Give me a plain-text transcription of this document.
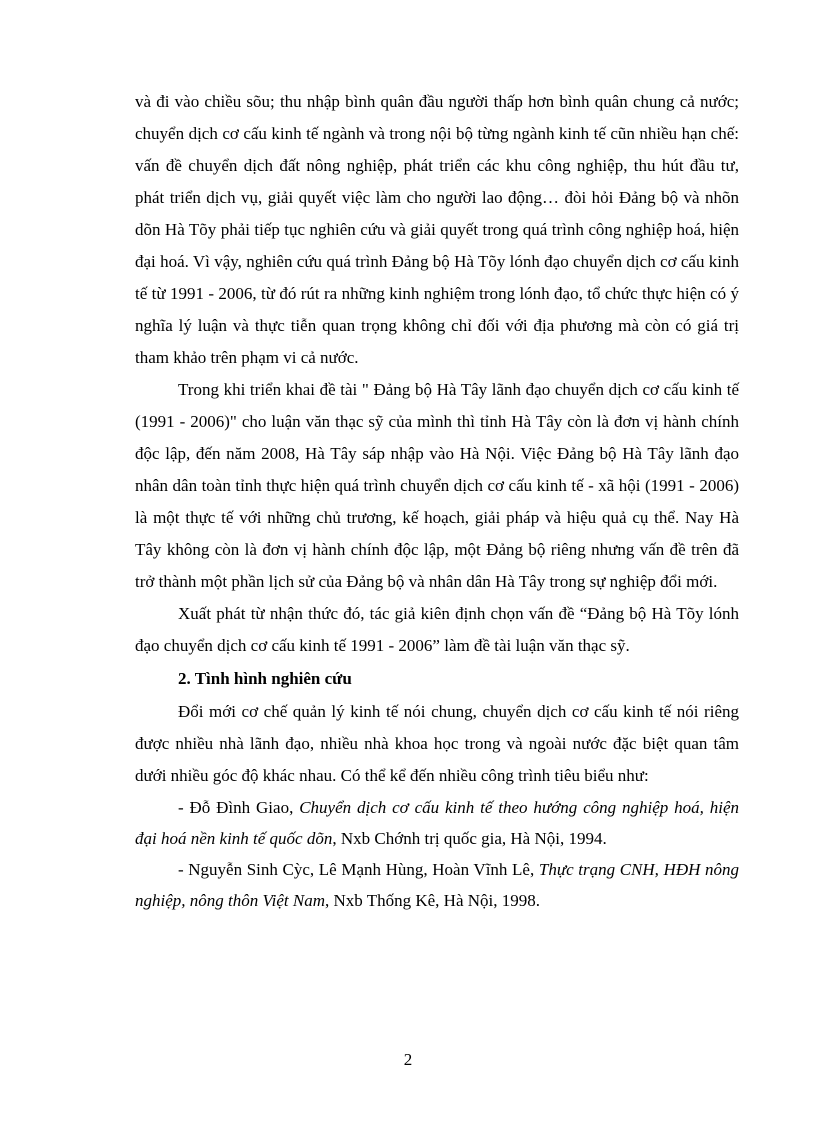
và đi vào chiều sõu; thu nhập bình quân đầu người thấp hơn bình quân chung cả nước; chuyển dịch cơ cấu kinh tế ngành và trong nội bộ từng ngành kinh tế cũn nhiều hạn chế: vấn đề chuyển dịch đất nông nghiệp, phát triển các khu công nghiệp, thu hút đầu tư, phát triển dịch vụ, giải quyết việc làm cho người lao động… đòi hỏi Đảng bộ và nhõn dõn Hà Tõy phải tiếp tục nghiên cứu và giải quyết trong quá trình công nghiệp hoá, hiện đại hoá. Vì vậy, nghiên cứu quá trình Đảng bộ Hà Tõy lónh đạo chuyển dịch cơ cấu kinh tế từ 1991 - 2006, từ đó rút ra những kinh nghiệm trong lónh đạo, tổ chức thực hiện có ý nghĩa lý luận và thực tiễn quan trọng không chỉ đối với địa phương mà còn có giá trị tham khảo trên phạm vi cả nước.

Trong khi triển khai đề tài " Đảng bộ Hà Tây lãnh đạo chuyển dịch cơ cấu kinh tế (1991 - 2006)" cho luận văn thạc sỹ của mình thì tỉnh Hà Tây còn là đơn vị hành chính độc lập, đến năm 2008, Hà Tây sáp nhập vào Hà Nội. Việc Đảng bộ Hà Tây lãnh đạo nhân dân toàn tỉnh thực hiện quá trình chuyển dịch cơ cấu kinh tế - xã hội (1991 - 2006) là một thực tế với những chủ trương, kế hoạch, giải pháp và hiệu quả cụ thể. Nay Hà Tây không còn là đơn vị hành chính độc lập, một Đảng bộ riêng nhưng vấn đề trên đã trở thành một phần lịch sử của Đảng bộ và nhân dân Hà Tây trong sự nghiệp đổi mới.

Xuất phát từ nhận thức đó, tác giả kiên định chọn vấn đề “Đảng bộ Hà Tõy lónh đạo chuyển dịch cơ cấu kinh tế 1991 - 2006” làm đề tài luận văn thạc sỹ.

2. Tình hình nghiên cứu

Đổi mới cơ chế quản lý kinh tế nói chung, chuyển dịch cơ cấu kinh tế nói riêng được nhiều nhà lãnh đạo, nhiều nhà khoa học trong và ngoài nước đặc biệt quan tâm dưới nhiều góc độ khác nhau. Có thể kể đến nhiều công trình tiêu biểu như:

- Đỗ Đình Giao, Chuyển dịch cơ cấu kinh tế theo hướng công nghiệp hoá, hiện đại hoá nền kinh tế quốc dõn, Nxb Chớnh trị quốc gia, Hà Nội, 1994.

- Nguyễn Sinh Cỳc, Lê Mạnh Hùng, Hoàn Vĩnh Lê, Thực trạng CNH, HĐH nông nghiệp, nông thôn Việt Nam, Nxb Thống Kê, Hà Nội, 1998.

2
